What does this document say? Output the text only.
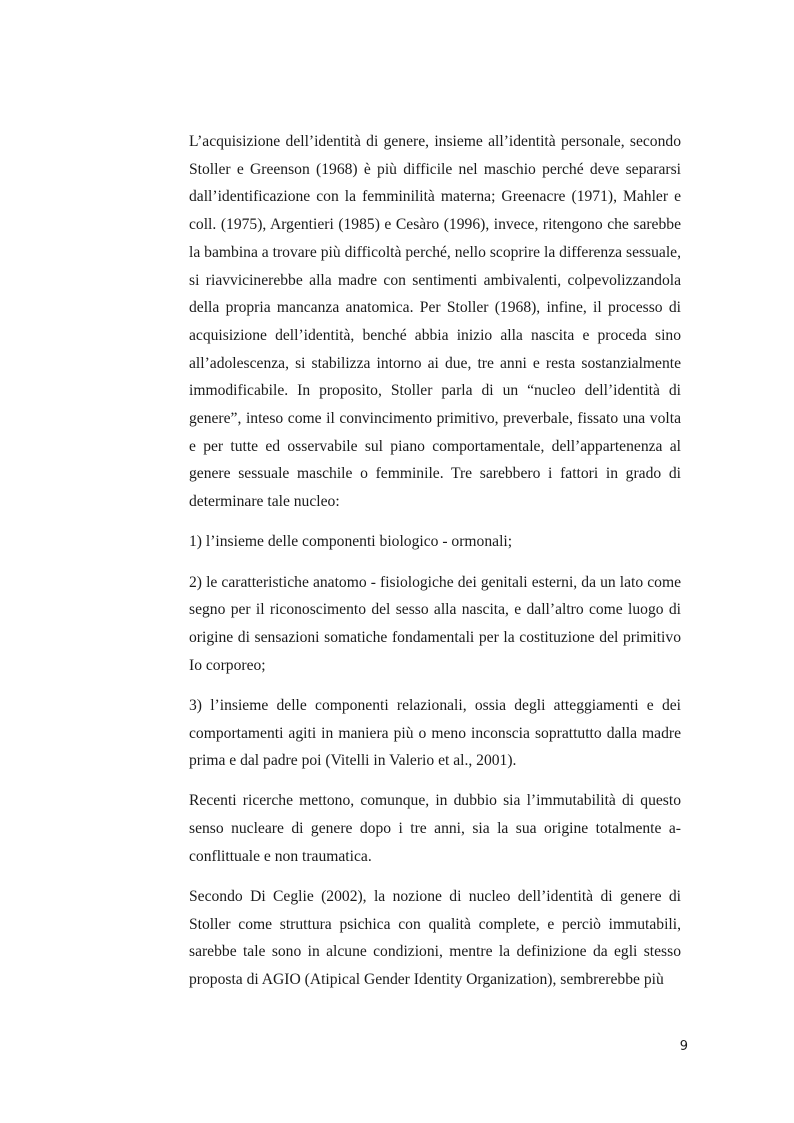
L’acquisizione dell’identità di genere, insieme all’identità personale, secondo Stoller e Greenson (1968) è più difficile nel maschio perché deve separarsi dall’identificazione con la femminilità materna; Greenacre (1971), Mahler e coll. (1975), Argentieri (1985) e Cesàro (1996), invece, ritengono che sarebbe la bambina a trovare più difficoltà perché, nello scoprire la differenza sessuale, si riavvicinerebbe alla madre con sentimenti ambivalenti, colpevolizzandola della propria mancanza anatomica. Per Stoller (1968), infine, il processo di acquisizione dell’identità, benché abbia inizio alla nascita e proceda sino all’adolescenza, si stabilizza intorno ai due, tre anni e resta sostanzialmente immodificabile. In proposito, Stoller parla di un “nucleo dell’identità di genere”, inteso come il convincimento primitivo, preverbale, fissato una volta e per tutte ed osservabile sul piano comportamentale, dell’appartenenza al genere sessuale maschile o femminile. Tre sarebbero i fattori in grado di determinare tale nucleo:

1) l’insieme delle componenti biologico - ormonali;

2) le caratteristiche anatomo - fisiologiche dei genitali esterni, da un lato come segno per il riconoscimento del sesso alla nascita, e dall’altro come luogo di origine di sensazioni somatiche fondamentali per la costituzione del primitivo Io corporeo;

3) l’insieme delle componenti relazionali, ossia degli atteggiamenti e dei comportamenti agiti in maniera più o meno inconscia soprattutto dalla madre prima e dal padre poi (Vitelli in Valerio et al., 2001).

Recenti ricerche mettono, comunque, in dubbio sia l’immutabilità di questo senso nucleare di genere dopo i tre anni, sia la sua origine totalmente a-conflittuale e non traumatica.

Secondo Di Ceglie (2002), la nozione di nucleo dell’identità di genere di Stoller come struttura psichica con qualità complete, e perciò immutabili, sarebbe tale sono in alcune condizioni, mentre la definizione da egli stesso proposta di AGIO (Atipical Gender Identity Organization), sembrerebbe più

9
